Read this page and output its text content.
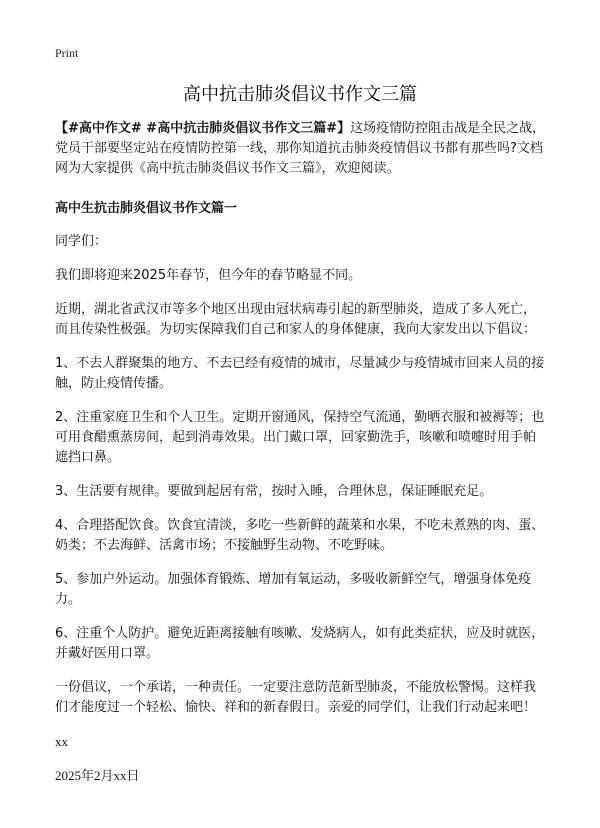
Print
高中抗击肺炎倡议书作文三篇

【#高中作文# #高中抗击肺炎倡议书作文三篇#】这场疫情防控阻击战是全民之战，党员干部要坚定站在疫情防控第一线，那你知道抗击肺炎疫情倡议书都有那些吗?文档网为大家提供《高中抗击肺炎倡议书作文三篇》，欢迎阅读。

高中生抗击肺炎倡议书作文篇一

同学们：

我们即将迎来2025年春节，但今年的春节略显不同。

近期，湖北省武汉市等多个地区出现由冠状病毒引起的新型肺炎，造成了多人死亡，而且传染性极强。为切实保障我们自己和家人的身体健康，我向大家发出以下倡议：

1、不去人群聚集的地方、不去已经有疫情的城市，尽量减少与疫情城市回来人员的接触，防止疫情传播。

2、注重家庭卫生和个人卫生。定期开窗通风，保持空气流通，勤晒衣服和被褥等；也可用食醋熏蒸房间，起到消毒效果。出门戴口罩，回家勤洗手，咳嗽和喷嚏时用手帕遮挡口鼻。

3、生活要有规律。要做到起居有常，按时入睡，合理休息，保证睡眠充足。

4、合理搭配饮食。饮食宜清淡，多吃一些新鲜的蔬菜和水果，不吃未煮熟的肉、蛋、奶类；不去海鲜、活禽市场；不接触野生动物、不吃野味。

5、参加户外运动。加强体育锻炼、增加有氧运动，多吸收新鲜空气，增强身体免疫力。

6、注重个人防护。避免近距离接触有咳嗽、发烧病人，如有此类症状，应及时就医，并戴好医用口罩。

一份倡议，一个承诺，一种责任。一定要注意防范新型肺炎，不能放松警惕。这样我们才能度过一个轻松、愉快、祥和的新春假日。亲爱的同学们，让我们行动起来吧！

xx

2025年2月xx日
